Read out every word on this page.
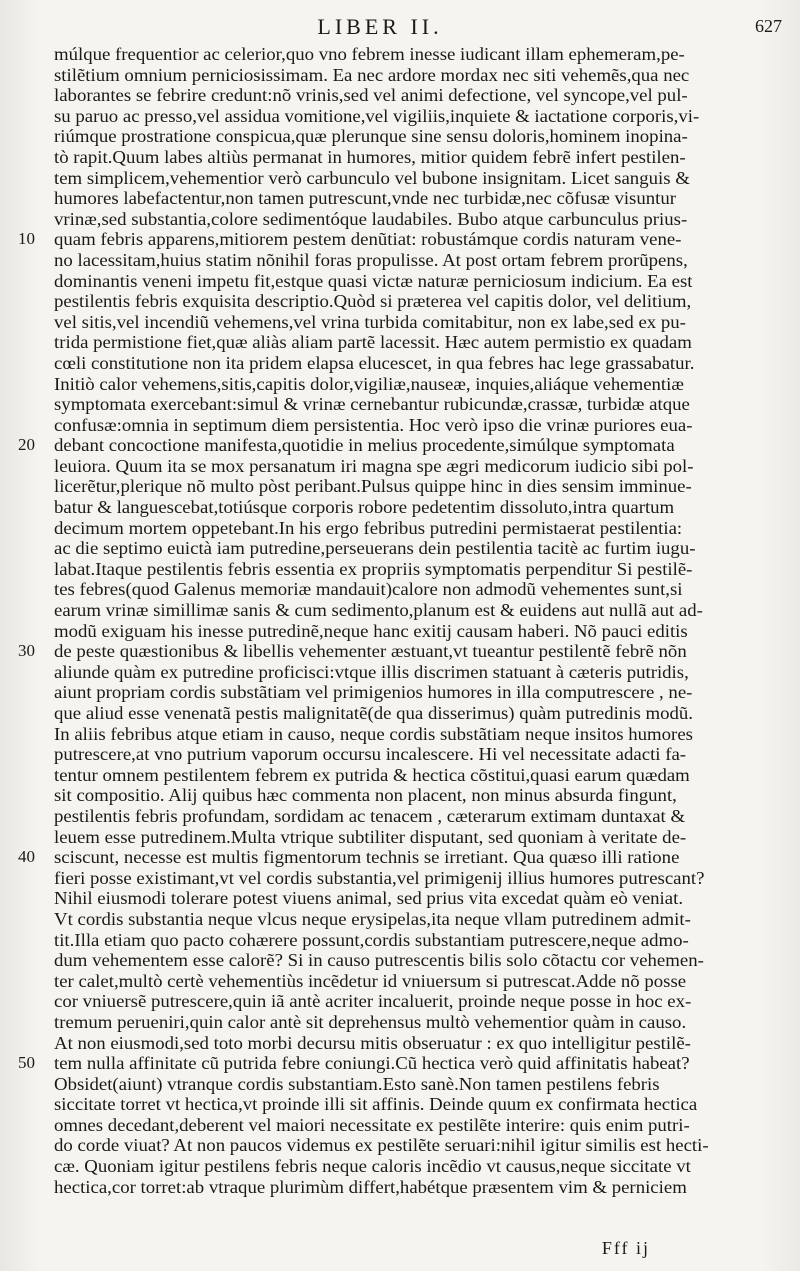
LIBER II.	627
múlque frequentior ac celerior,quo vno febrem inesse iudicant illam ephemeram,pe-
stilẽtium omnium perniciosissimam. Ea nec ardore mordax nec siti vehemẽs,qua nec
laborantes se febrire credunt:nõ vrinis,sed vel animi defectione, vel syncope,vel pul-
su paruo ac presso,vel assidua vomitione,vel vigiliis,inquiete & iactatione corporis,vi-
riúmque prostratione conspicua,quæ plerunque sine sensu doloris,hominem inopina-
tò rapit.Quum labes altiùs permanat in humores, mitior quidem febrẽ infert pestilen-
tem simplicem,vehementior verò carbunculo vel bubone insignitam. Licet sanguis &
humores labefactentur,non tamen putrescunt,vnde nec turbidæ,nec cõfusæ visuntur
vrinæ,sed substantia,colore sedimentóque laudabiles. Bubo atque carbunculus prius-
10	quam febris apparens,mitiorem pestem denũtiat: robustámque cordis naturam vene-
no lacessitam,huius statim nõnihil foras propulisse. At post ortam febrem prorũpens,
dominantis veneni impetu fit,estque quasi victæ naturæ perniciosum indicium. Ea est
pestilentis febris exquisita descriptio.Quòd si præterea vel capitis dolor, vel delitium,
vel sitis,vel incendiũ vehemens,vel vrina turbida comitabitur, non ex labe,sed ex pu-
trida permistione fiet,quæ aliàs aliam partẽ lacessit. Hæc autem permistio ex quadam
cœli constitutione non ita pridem elapsa elucescet, in qua febres hac lege grassabatur.
Initiò calor vehemens,sitis,capitis dolor,vigiliæ,nauseæ, inquies,aliáque vehementiæ
symptomata exercebant:simul & vrinæ cernebantur rubicundæ,crassæ, turbidæ atque
confusæ:omnia in septimum diem persistentia. Hoc verò ipso die vrinæ puriores eua-
20	debant concoctione manifesta,quotidie in melius procedente,simúlque symptomata
leuiora. Quum ita se mox persanatum iri magna spe ægri medicorum iudicio sibi pol-
licerẽtur,plerique nõ multo pòst peribant.Pulsus quippe hinc in dies sensim imminue-
batur & languescebat,totiúsque corporis robore pedetentim dissoluto,intra quartum
decimum mortem oppetebant.In his ergo febribus putredini permistaerat pestilentia:
ac die septimo euictà iam putredine,perseuerans dein pestilentia tacitè ac furtim iugu-
labat.Itaque pestilentis febris essentia ex propriis symptomatis perpenditur Si pestilẽ-
tes febres(quod Galenus memoriæ mandauit)calore non admodũ vehementes sunt,si
earum vrinæ simillimæ sanis & cum sedimento,planum est & euidens aut nullã aut ad-
modũ exiguam his inesse putredinẽ,neque hanc exitij causam haberi. Nõ pauci editis
30	de peste quæstionibus & libellis vehementer æstuant,vt tueantur pestilentẽ febrẽ nõn
aliunde quàm ex putredine proficisci:vtque illis discrimen statuant à cæteris putridis,
aiunt propriam cordis substãtiam vel primigenios humores in illa computrescere , ne-
que aliud esse venenatã pestis malignitatẽ(de qua disserimus) quàm putredinis modũ.
In aliis febribus atque etiam in causo, neque cordis substãtiam neque insitos humores
putrescere,at vno putrium vaporum occursu incalescere. Hi vel necessitate adacti fa-
tentur omnem pestilentem febrem ex putrida & hectica cõstitui,quasi earum quædam
sit compositio. Alij quibus hæc commenta non placent, non minus absurda fingunt,
pestilentis febris profundam, sordidam ac tenacem , cæterarum extimam duntaxat &
leuem esse putredinem.Multa vtrique subtiliter disputant, sed quoniam à veritate de-
40	sciscunt, necesse est multis figmentorum technis se irretiant. Qua quæso illi ratione
fieri posse existimant,vt vel cordis substantia,vel primigenij illius humores putrescant?
Nihil eiusmodi tolerare potest viuens animal, sed prius vita excedat quàm eò veniat.
Vt cordis substantia neque vlcus neque erysipelas,ita neque vllam putredinem admit-
tit.Illa etiam quo pacto cohærere possunt,cordis substantiam putrescere,neque admo-
dum vehementem esse calorẽ? Si in causo putrescentis bilis solo cõtactu cor vehemen-
ter calet,multò certè vehementiùs incẽdetur id vniuersum si putrescat.Adde nõ posse
cor vniuersẽ putrescere,quin iã antè acriter incaluerit, proinde neque posse in hoc ex-
tremum perueniri,quin calor antè sit deprehensus multò vehementior quàm in causo.
At non eiusmodi,sed toto morbi decursu mitis obseruatur : ex quo intelligitur pestilẽ-
50	tem nulla affinitate cũ putrida febre coniungi.Cũ hectica verò quid affinitatis habeat?
Obsidet(aiunt) vtranque cordis substantiam.Esto sanè.Non tamen pestilens febris
siccitate torret vt hectica,vt proinde illi sit affinis. Deinde quum ex confirmata hectica
omnes decedant,deberent vel maiori necessitate ex pestilẽte interire: quis enim putri-
do corde viuat? At non paucos videmus ex pestilẽte seruari:nihil igitur similis est hecti-
cæ. Quoniam igitur pestilens febris neque caloris incẽdio vt causus,neque siccitate vt
hectica,cor torret:ab vtraque plurimùm differt,habétque præsentem vim & perniciem
Fff ij
